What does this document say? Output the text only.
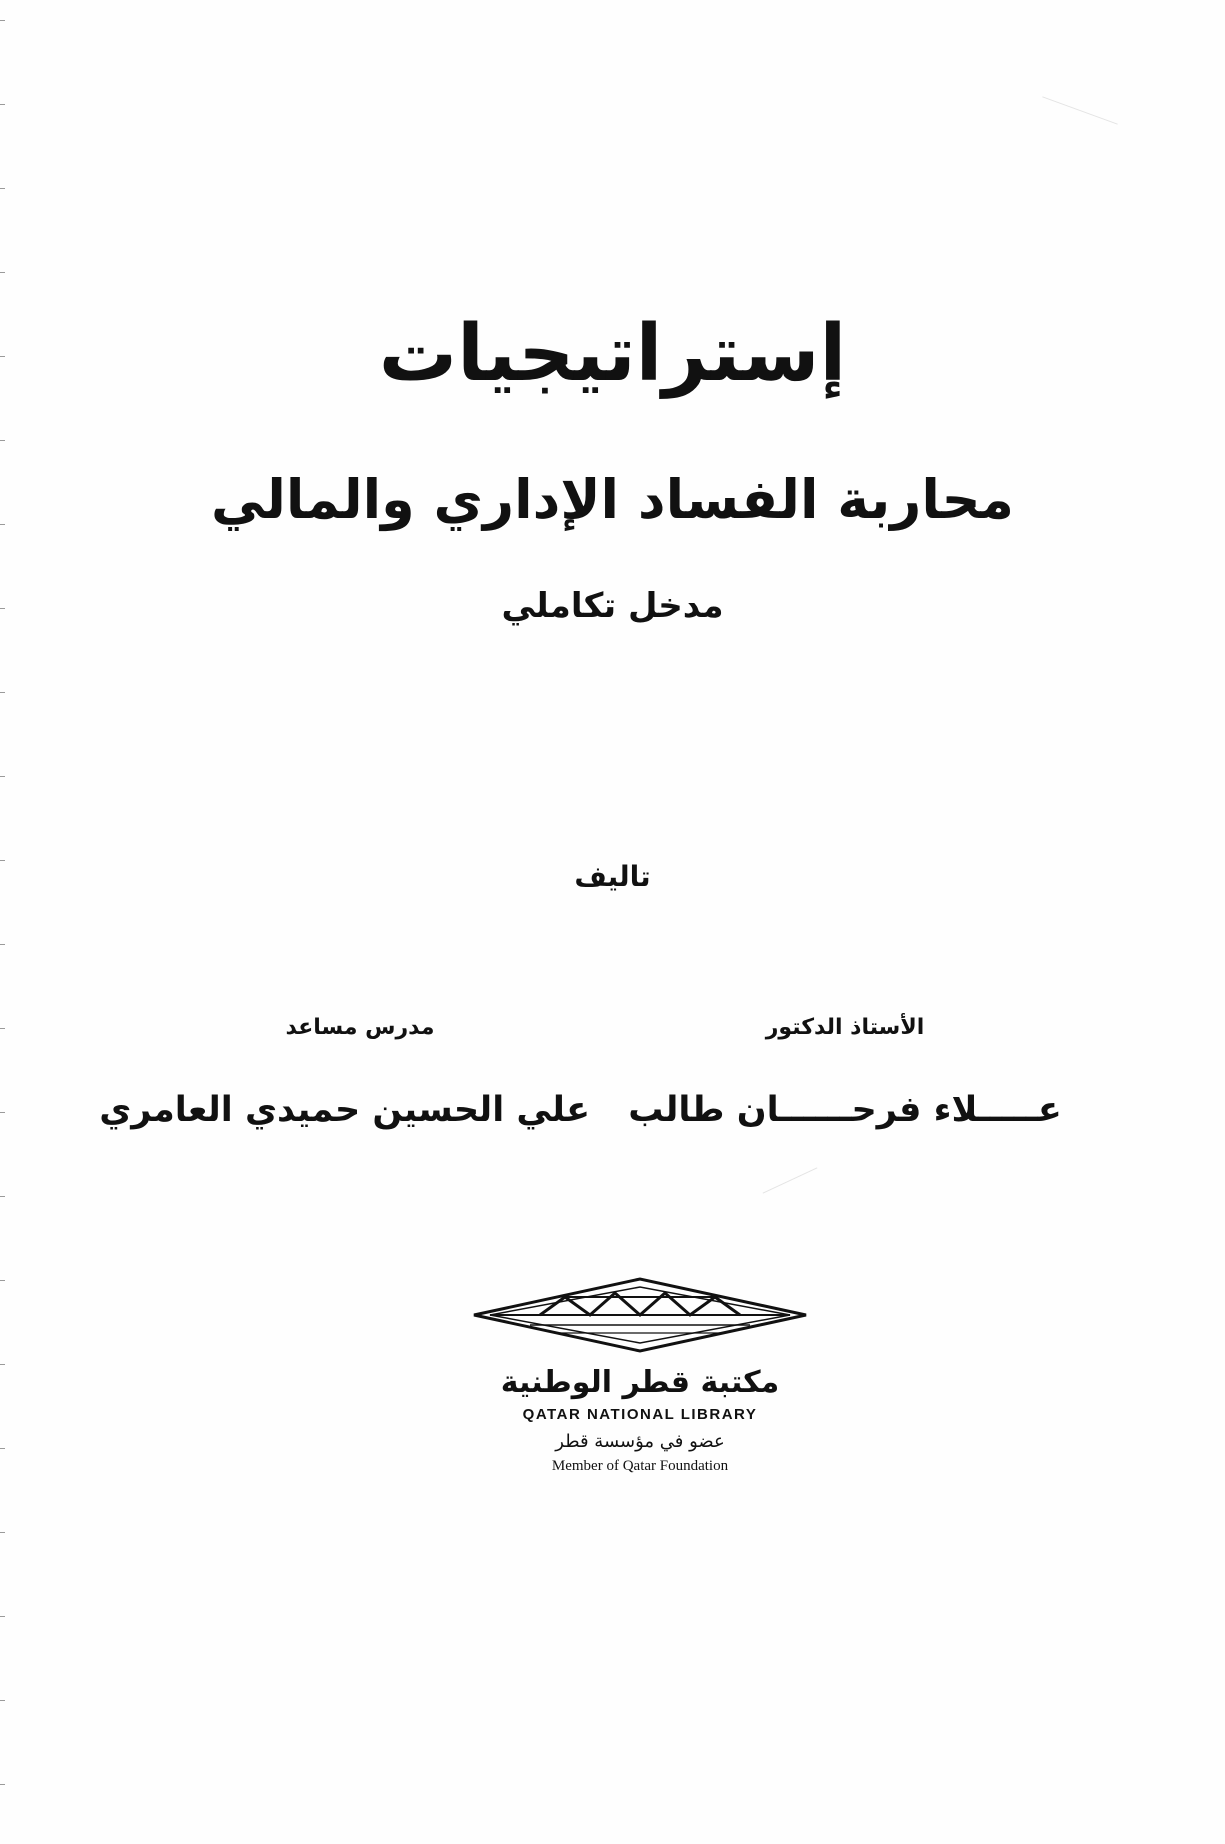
إستراتيجيات
محاربة الفساد الإداري والمالي
مدخل تكاملي
تاليف
الأستاذ الدكتور
عـــــلاء فرحــــــان طالب
مدرس مساعد
علي الحسين حميدي العامري
مكتبة قطر الوطنية
QATAR NATIONAL LIBRARY
عضو في مؤسسة قطر
Member of Qatar Foundation
